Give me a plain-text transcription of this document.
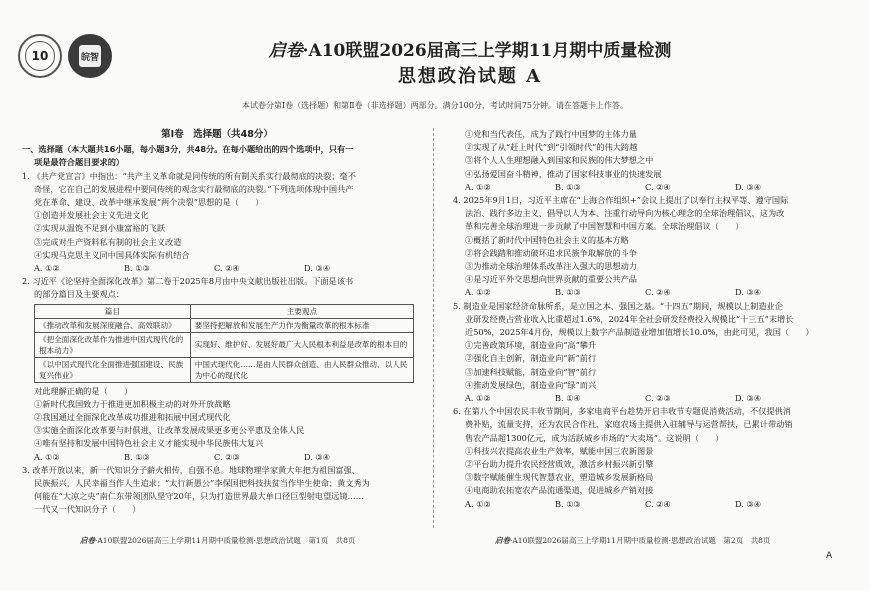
10	皖智	启卷·A10联盟2026届高三上学期11月期中质量检测
思想政治试题 A
本试卷分第Ⅰ卷（选择题）和第Ⅱ卷（非选择题）两部分。满分100分，考试时间75分钟。请在答题卡上作答。
第Ⅰ卷　选择题（共48分）

一、选择题（本大题共16小题，每小题3分，共48分。在每小题给出的四个选项中，只有一

项是最符合题目要求的）

1. 《共产党宣言》中指出：“共产主义革命就是同传统的所有制关系实行最彻底的决裂；毫不

奇怪，它在自己的发展进程中要同传统的观念实行最彻底的决裂。”下列选项体现中国共产

党在革命、建设、改革中继承发展“两个决裂”思想的是（　　）

①创造并发展社会主义先进文化

②实现从温饱不足到小康富裕的飞跃

③完成对生产资料私有制的社会主义改造

④实现马克思主义同中国具体实际有机结合

A. ①②	B. ①③	C. ②④	D. ③④

2. 习近平《论坚持全面深化改革》第二卷于2025年8月由中央文献出版社出版。下面是该书

的部分篇目及主要观点：

篇目	主要观点
《推动改革和发展深度融合、高效联动》	要坚持把解放和发展生产力作为衡量改革的根本标准
《把全面深化改革作为推进中国式现代化的根本动力》	实现好、维护好、发展好最广大人民根本利益是改革的根本目的
《以中国式现代化全面推进强国建设、民族复兴伟业》	中国式现代化……是由人民群众创造、由人民群众推动、以人民为中心的现代化

对此理解正确的是（　　）

①新时代我国致力于推进更加积极主动的对外开放战略

②我国通过全面深化改革成功推进和拓展中国式现代化

③实施全面深化改革要与时俱进，让改革发展成果更多更公平惠及全体人民

④唯有坚持和发展中国特色社会主义才能实现中华民族伟大复兴

A. ①②	B. ①③	C. ②③	D. ③④

3. 改革开放以来，新一代知识分子薪火相传，自强不息。地球物理学家黄大年把为祖国富强、

民族振兴，人民幸福当作人生追求；“太行新愚公”李保国把科技扶贫当作毕生使命；黄文秀为

何能在“大凉之央”南仁东带领团队坚守20年，只为打造世界最大单口径巨型射电望远镜……

一代又一代知识分子（　　）

①党和当代表任，成为了践行中国梦的主体力量

②实现了从“赶上时代”到“引领时代”的伟大跨越

③将个人人生理想融入到国家和民族的伟大梦想之中

④弘扬爱国奋斗精神，推动了国家科技事业的快速发展

A. ①②	B. ①③	C. ②④	D. ③④

4. 2025年9月1日，习近平主席在“上海合作组织+”会议上提出了以奉行主权平等、遵守国际

法治、践行多边主义、倡导以人为本、注重行动导向为核心理念的全球治理倡议，这为改

革和完善全球治理进一步贡献了中国智慧和中国方案。全球治理倡议（　　）

①概括了新时代中国特色社会主义的基本方略

②将会践踏和推动破坏追求民族争取解放的斗争

③为推动全球治理体系改革注入强大的思想动力

④是习近平外交思想向世界贡献的重要公共产品

A. ①②	B. ①③	C. ②④	D. ③④

5. 制造业是国家经济命脉所系，是立国之本、强国之基。“十四五”期间，规模以上制造业企

业研发经费占营业收入比重超过1.6%，2024年全社会研发经费投入规模比“十三五”末增长

近50%，2025年4月份，规模以上数字产品制造业增加值增长10.0%，由此可见，我国（　　）

①完善政策环境，制造业向“高”攀升

②强化自主创新，制造业向“新”前行

③加速科技赋能，制造业向“智”前行

④推动发展绿色，制造业向“绿”而兴

A. ①②	B. ①④	C. ②③	D. ③④

6. 在第八个中国农民丰收节期间，多家电商平台趁势开启丰收节专题促消费活动，不仅提供消

费补贴，流量支持，还为农民合作社、家庭农场主提供入驻辅导与运营帮扶，已累计带动销

售农产品超1300亿元，成为活跃城乡市场的“大卖场”。这说明（　　）

①科技兴农提高农业生产效率，赋能中国三农新图景

②平台助力提升农民经营质效，激活乡村振兴新引擎

③数字赋能催生现代智慧农业，塑造城乡发展新格局

④电商助农拓宽农产品流通渠道，促进城乡产销对接

A. ①②	B. ①③	C. ②④	D. ③④
启卷·A10联盟2026届高三上学期11月期中质量检测·思想政治试题　第1页　共8页	启卷·A10联盟2026届高三上学期11月期中质量检测·思想政治试题　第2页　共8页
A
